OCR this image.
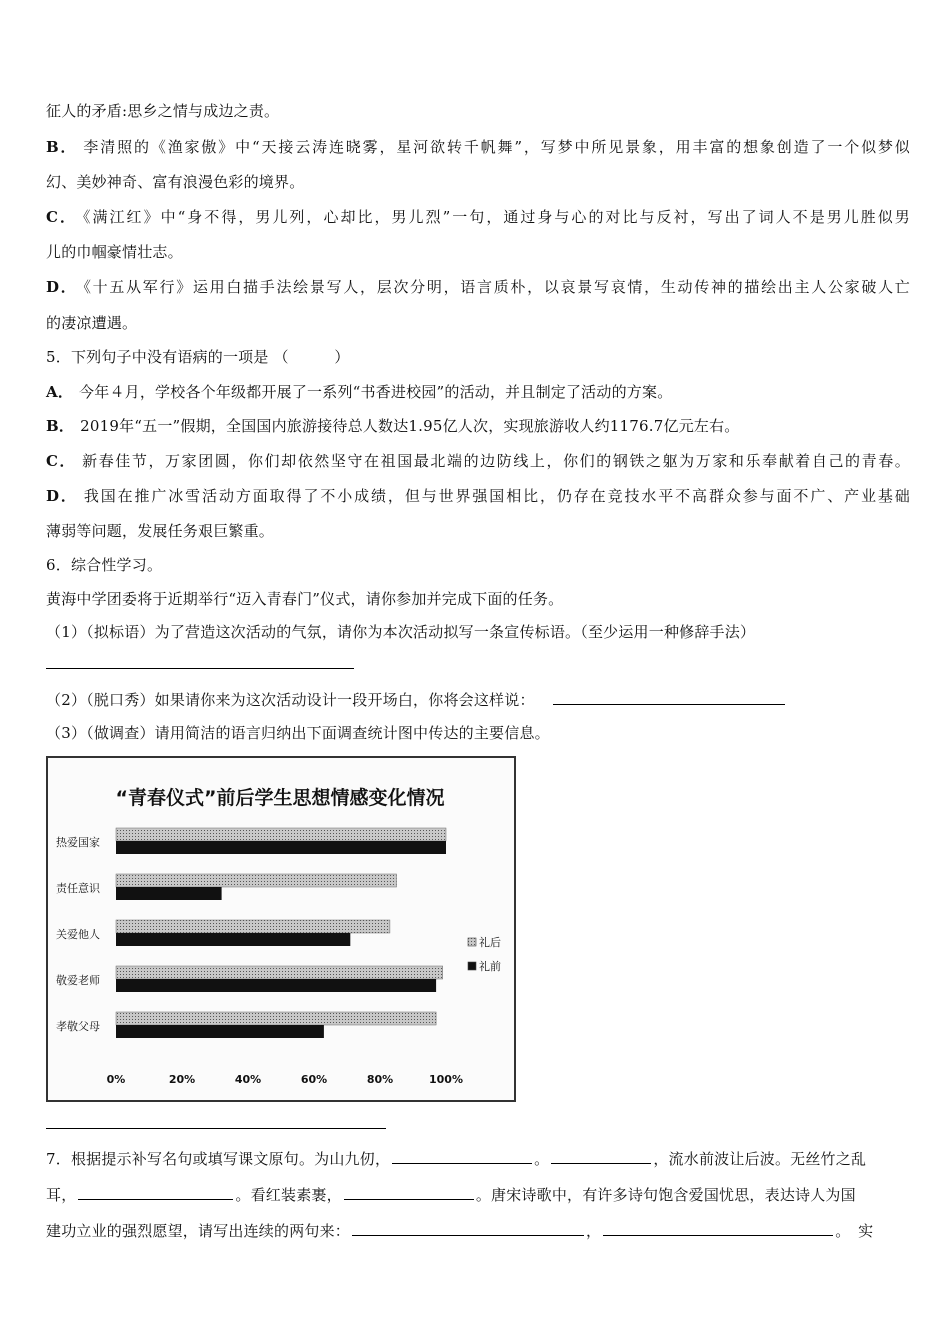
征人的矛盾:思乡之情与成边之责。
B． 李清照的《渔家傲》中“天接云涛连晓雾，星河欲转千帆舞”，写梦中所见景象，用丰富的想象创造了一个似梦似
幻、美妙神奇、富有浪漫色彩的境界。
C． 《满江红》中“身不得，男儿列，心却比，男儿烈”一句，通过身与心的对比与反衬，写出了词人不是男儿胜似男
儿的巾帼豪情壮志。
D． 《十五从军行》运用白描手法绘景写人，层次分明，语言质朴，以哀景写哀情，生动传神的描绘出主人公家破人亡
的凄凉遭遇。
5．下列句子中没有语病的一项是 （　　　）
A． 今年４月，学校各个年级都开展了一系列“书香进校园”的活动，并且制定了活动的方案。
B． 2019年“五一”假期，全国国内旅游接待总人数达1.95亿人次，实现旅游收人约1176.7亿元左右。
C． 新春佳节，万家团圆，你们却依然坚守在祖国最北端的边防线上，你们的钢铁之躯为万家和乐奉献着自己的青春。
D． 我国在推广冰雪活动方面取得了不小成绩，但与世界强国相比，仍存在竞技水平不高群众参与面不广、产业基础
薄弱等问题，发展任务艰巨繁重。
6．综合性学习。
黄海中学团委将于近期举行“迈入青春门”仪式，请你参加并完成下面的任务。
（1）（拟标语）为了营造这次活动的气氛，请你为本次活动拟写一条宣传标语。（至少运用一种修辞手法）
（2）（脱口秀）如果请你来为这次活动设计一段开场白，你将会这样说：
（3）（做调查）请用简洁的语言归纳出下面调查统计图中传达的主要信息。
“青春仪式”前后学生思想情感变化情况
热爱国家
责任意识
关爱他人
敬爱老师
孝敬父母
0%	20%	40%	60%	80%	100%
礼后
礼前
7．根据提示补写名句或填写课文原句。为山九仞，	。	，流水前波让后波。无丝竹之乱
耳，	。看红装素裹，	。唐宋诗歌中，有许多诗句饱含爱国忧思，表达诗人为国
建功立业的强烈愿望，请写出连续的两句来：	，	。　实
